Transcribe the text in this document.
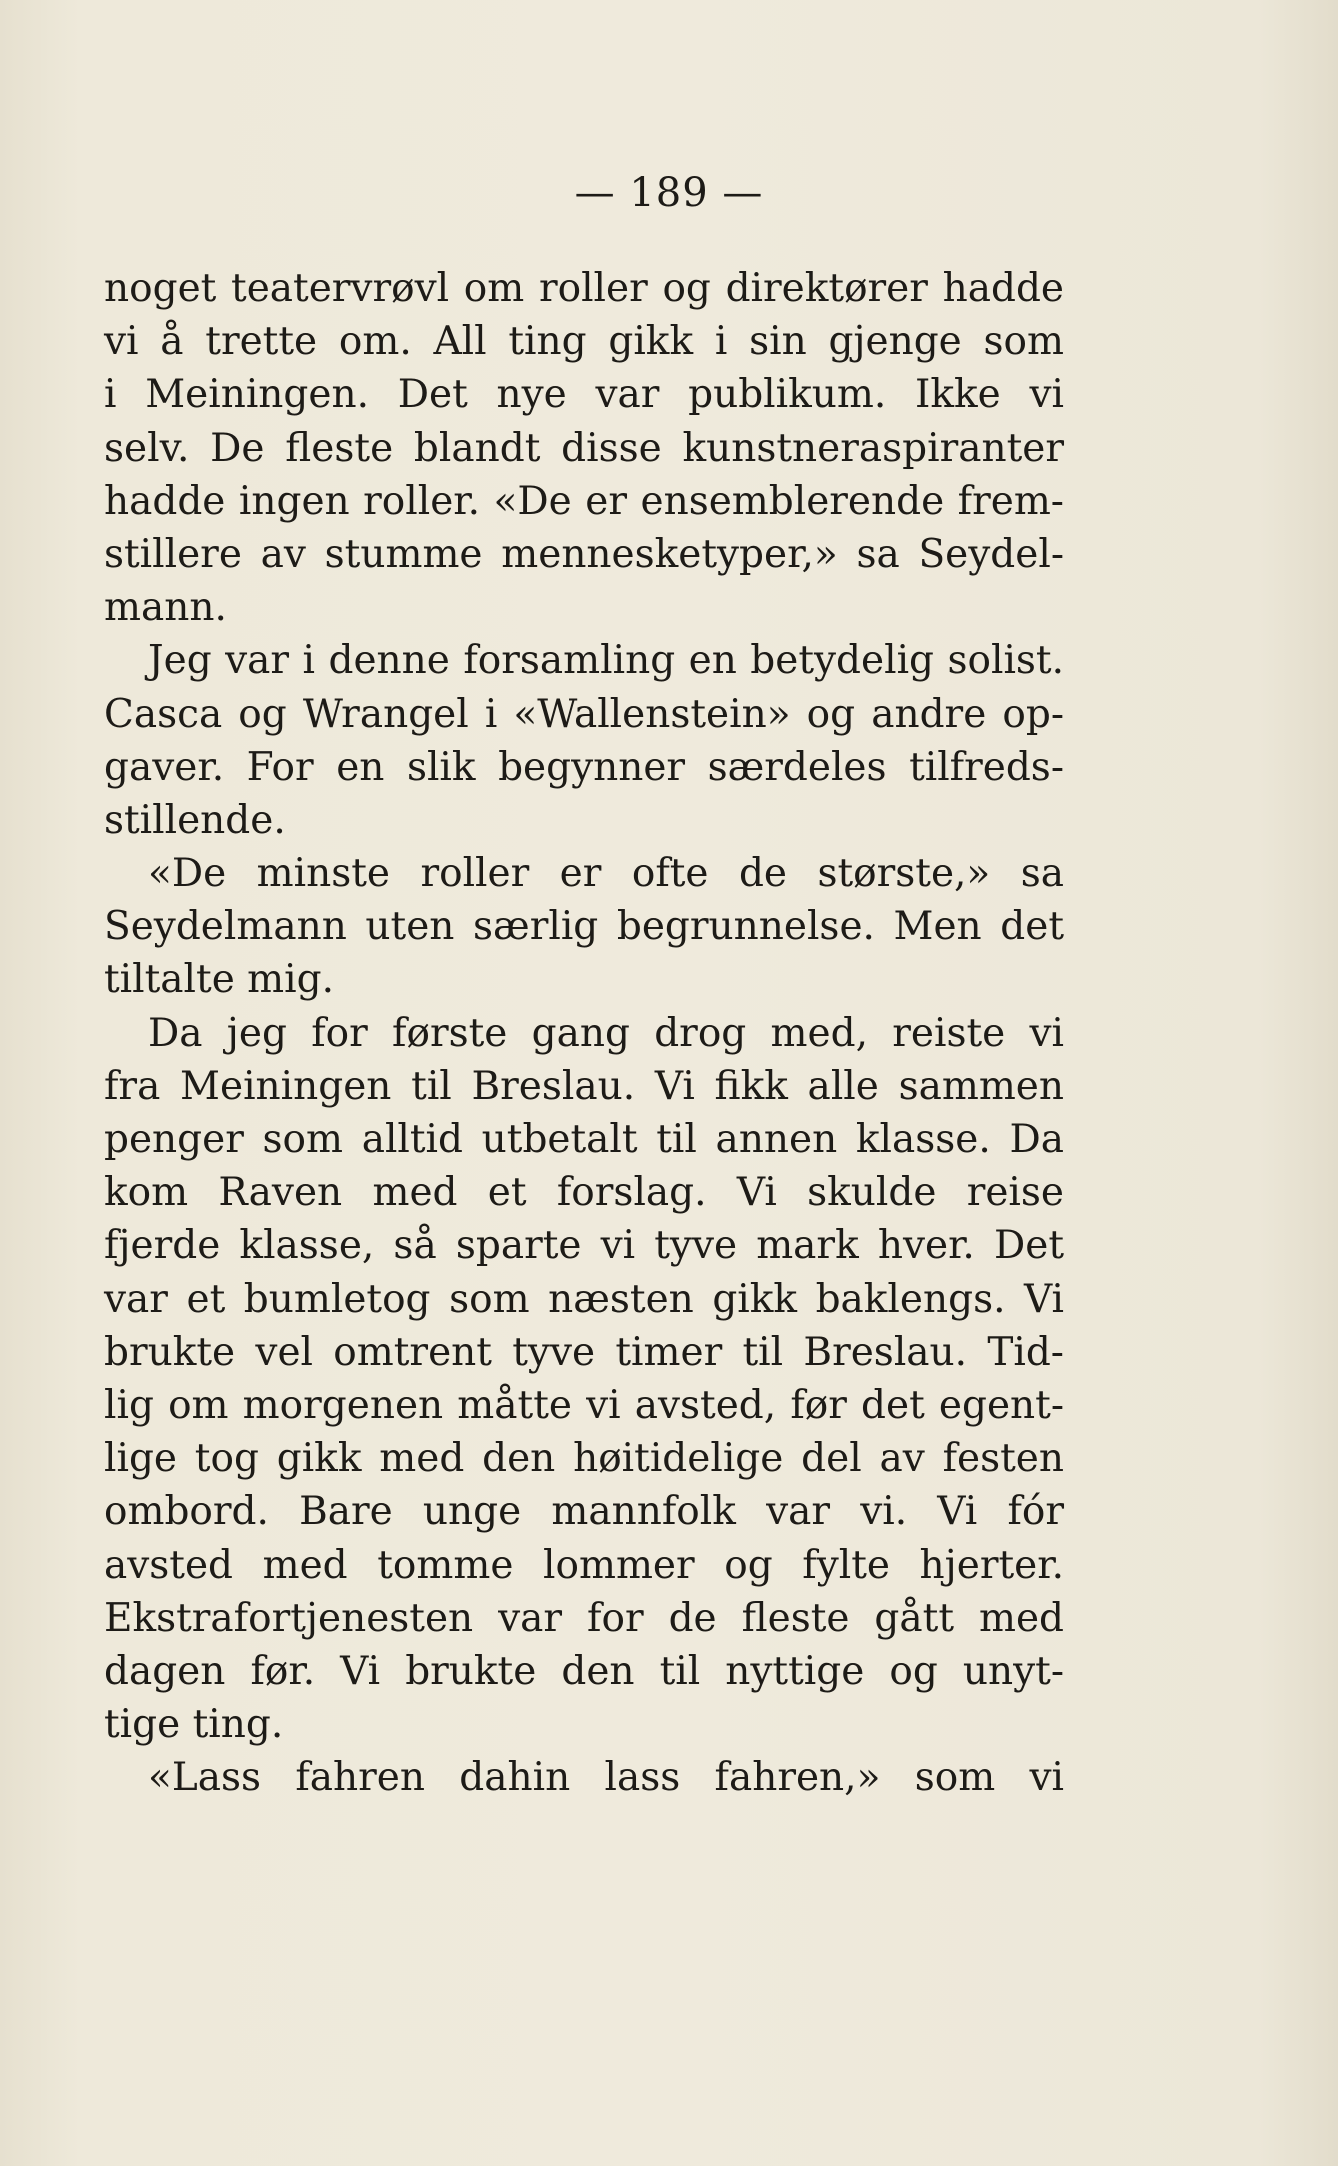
— 189 —
noget teatervrøvl om roller og direktører hadde
vi å trette om. All ting gikk i sin gjenge som
i Meiningen. Det nye var publikum. Ikke vi
selv. De fleste blandt disse kunstneraspiranter
hadde ingen roller. «De er ensemblerende frem-
stillere av stumme mennesketyper,» sa Seydel-
mann.
Jeg var i denne forsamling en betydelig solist.
Casca og Wrangel i «Wallenstein» og andre op-
gaver. For en slik begynner særdeles tilfreds-
stillende.
«De minste roller er ofte de største,» sa
Seydelmann uten særlig begrunnelse. Men det
tiltalte mig.
Da jeg for første gang drog med, reiste vi
fra Meiningen til Breslau. Vi fikk alle sammen
penger som alltid utbetalt til annen klasse. Da
kom Raven med et forslag. Vi skulde reise
fjerde klasse, så sparte vi tyve mark hver. Det
var et bumletog som næsten gikk baklengs. Vi
brukte vel omtrent tyve timer til Breslau. Tid-
lig om morgenen måtte vi avsted, før det egent-
lige tog gikk med den høitidelige del av festen
ombord. Bare unge mannfolk var vi. Vi fór
avsted med tomme lommer og fylte hjerter.
Ekstrafortjenesten var for de fleste gått med
dagen før. Vi brukte den til nyttige og unyt-
tige ting.
«Lass fahren dahin lass fahren,» som vi
